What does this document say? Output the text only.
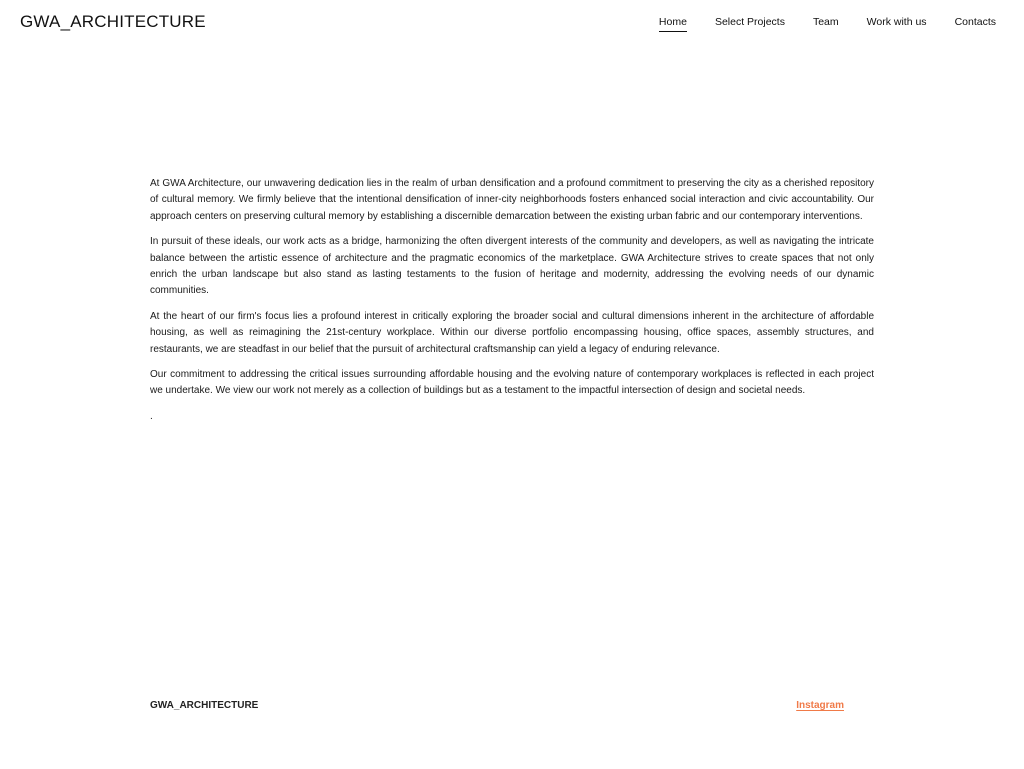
GWA_ARCHITECTURE	Home	Select Projects	Team	Work with us	Contacts

At GWA Architecture, our unwavering dedication lies in the realm of urban densification and a profound commitment to preserving the city as a cherished repository of cultural memory. We firmly believe that the intentional densification of inner-city neighborhoods fosters enhanced social interaction and civic accountability. Our approach centers on preserving cultural memory by establishing a discernible demarcation between the existing urban fabric and our contemporary interventions.

In pursuit of these ideals, our work acts as a bridge, harmonizing the often divergent interests of the community and developers, as well as navigating the intricate balance between the artistic essence of architecture and the pragmatic economics of the marketplace. GWA Architecture strives to create spaces that not only enrich the urban landscape but also stand as lasting testaments to the fusion of heritage and modernity, addressing the evolving needs of our dynamic communities.

At the heart of our firm's focus lies a profound interest in critically exploring the broader social and cultural dimensions inherent in the architecture of affordable housing, as well as reimagining the 21st-century workplace. Within our diverse portfolio encompassing housing, office spaces, assembly structures, and restaurants, we are steadfast in our belief that the pursuit of architectural craftsmanship can yield a legacy of enduring relevance.

Our commitment to addressing the critical issues surrounding affordable housing and the evolving nature of contemporary workplaces is reflected in each project we undertake. We view our work not merely as a collection of buildings but as a testament to the impactful intersection of design and societal needs.

.

GWA_ARCHITECTURE	Instagram
